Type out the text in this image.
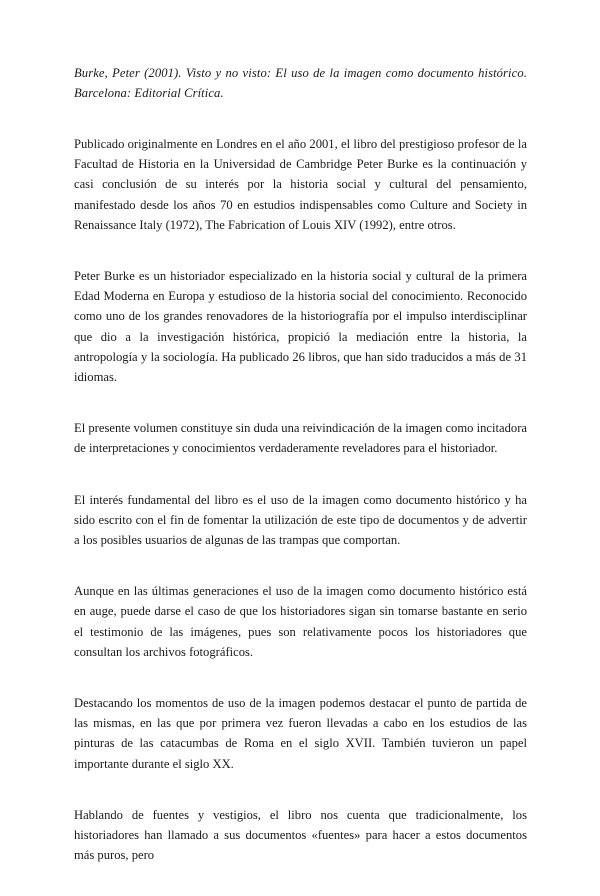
Burke, Peter (2001). Visto y no visto: El uso de la imagen como documento histórico. Barcelona: Editorial Crítica.

Publicado originalmente en Londres en el año 2001, el libro del prestigioso profesor de la Facultad de Historia en la Universidad de Cambridge Peter Burke es la continuación y casi conclusión de su interés por la historia social y cultural del pensamiento, manifestado desde los años 70 en estudios indispensables como Culture and Society in Renaissance Italy (1972), The Fabrication of Louis XIV (1992), entre otros.

Peter Burke es un historiador especializado en la historia social y cultural de la primera Edad Moderna en Europa y estudioso de la historia social del conocimiento. Reconocido como uno de los grandes renovadores de la historiografía por el impulso interdisciplinar que dio a la investigación histórica, propició la mediación entre la historia, la antropología y la sociología. Ha publicado 26 libros, que han sido traducidos a más de 31 idiomas.

El presente volumen constituye sin duda una reivindicación de la imagen como incitadora de interpretaciones y conocimientos verdaderamente reveladores para el historiador.

El interés fundamental del libro es el uso de la imagen como documento histórico y ha sido escrito con el fin de fomentar la utilización de este tipo de documentos y de advertir a los posibles usuarios de algunas de las trampas que comportan.

Aunque en las últimas generaciones el uso de la imagen como documento histórico está en auge, puede darse el caso de que los historiadores sigan sin tomarse bastante en serio el testimonio de las imágenes, pues son relativamente pocos los historiadores que consultan los archivos fotográficos.

Destacando los momentos de uso de la imagen podemos destacar el punto de partida de las mismas, en las que por primera vez fueron llevadas a cabo en los estudios de las pinturas de las catacumbas de Roma en el siglo XVII. También tuvieron un papel importante durante el siglo XX.

Hablando de fuentes y vestigios, el libro nos cuenta que tradicionalmente, los historiadores han llamado a sus documentos «fuentes» para hacer a estos documentos más puros, pero
